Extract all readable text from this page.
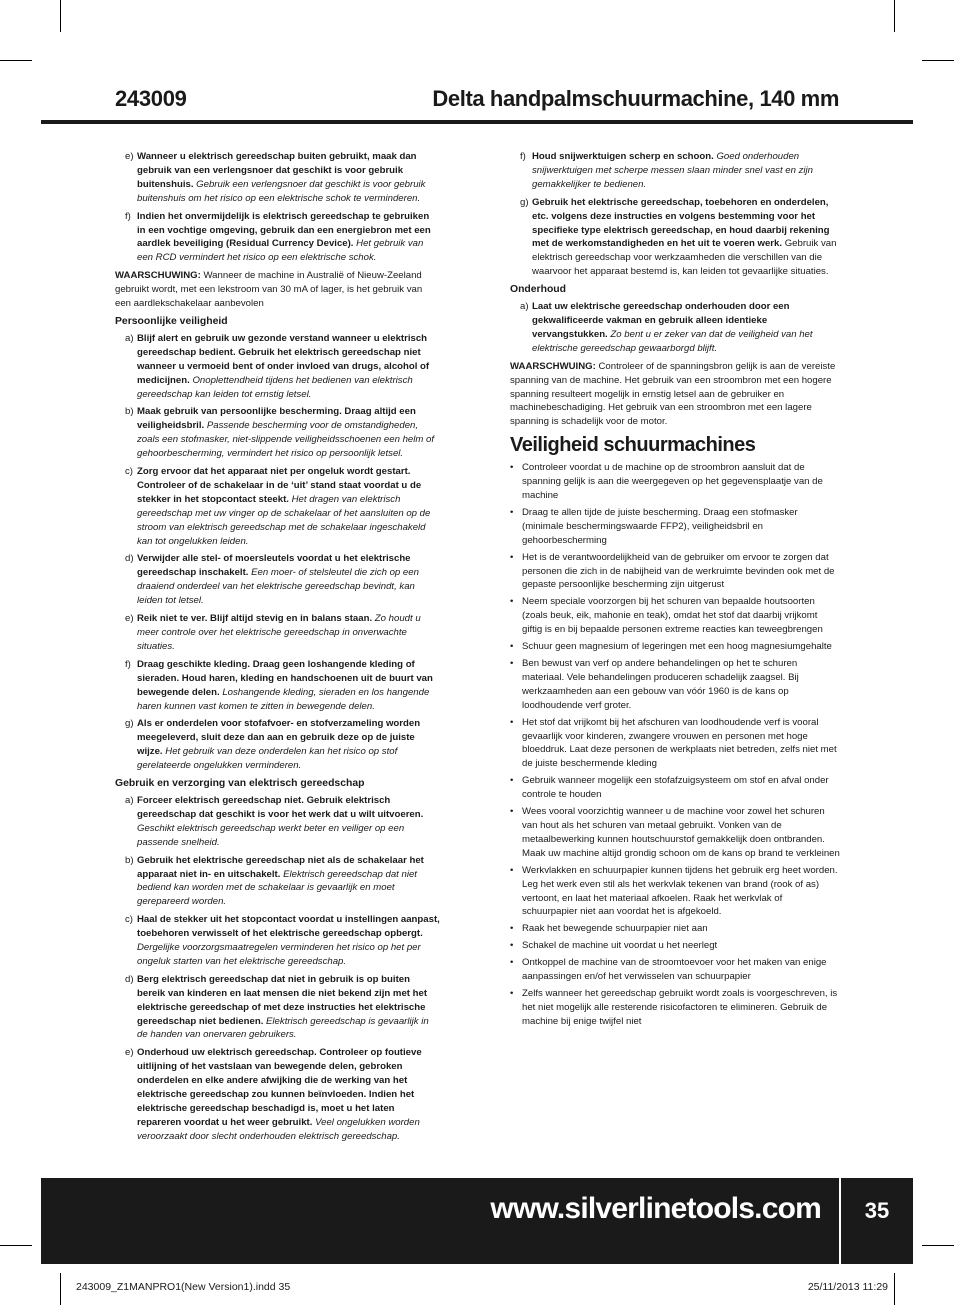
243009	Delta handpalmschuurmachine, 140 mm
e) Wanneer u elektrisch gereedschap buiten gebruikt, maak dan gebruik van een verlengsnoer dat geschikt is voor gebruik buitenshuis. Gebruik een verlengsnoer dat geschikt is voor gebruik buitenshuis om het risico op een elektrische schok te verminderen.
f) Indien het onvermijdelijk is elektrisch gereedschap te gebruiken in een vochtige omgeving, gebruik dan een energiebron met een aardlek beveiliging (Residual Currency Device). Het gebruik van een RCD vermindert het risico op een elektrische schok.

WAARSCHUWING: Wanneer de machine in Australië of Nieuw-Zeeland gebruikt wordt, met een lekstroom van 30 mA of lager, is het gebruik van een aardlekschakelaar aanbevolen

Persoonlijke veiligheid
a) Blijf alert en gebruik uw gezonde verstand wanneer u elektrisch gereedschap bedient. Gebruik het elektrisch gereedschap niet wanneer u vermoeid bent of onder invloed van drugs, alcohol of medicijnen. Onoplettendheid tijdens het bedienen van elektrisch gereedschap kan leiden tot ernstig letsel.
b) Maak gebruik van persoonlijke bescherming. Draag altijd een veiligheidsbril. Passende bescherming voor de omstandigheden, zoals een stofmasker, niet-slippende veiligheidsschoenen een helm of gehoorbescherming, vermindert het risico op persoonlijk letsel.
c) Zorg ervoor dat het apparaat niet per ongeluk wordt gestart. Controleer of de schakelaar in de ‘uit’ stand staat voordat u de stekker in het stopcontact steekt. Het dragen van elektrisch gereedschap met uw vinger op de schakelaar of het aansluiten op de stroom van elektrisch gereedschap met de schakelaar ingeschakeld kan tot ongelukken leiden.
d) Verwijder alle stel- of moersleutels voordat u het elektrische gereedschap inschakelt. Een moer- of stelsleutel die zich op een draaiend onderdeel van het elektrische gereedschap bevindt, kan leiden tot letsel.
e) Reik niet te ver. Blijf altijd stevig en in balans staan. Zo houdt u meer controle over het elektrische gereedschap in onverwachte situaties.
f) Draag geschikte kleding. Draag geen loshangende kleding of sieraden. Houd haren, kleding en handschoenen uit de buurt van bewegende delen. Loshangende kleding, sieraden en los hangende haren kunnen vast komen te zitten in bewegende delen.
g) Als er onderdelen voor stofafvoer- en stofverzameling worden meegeleverd, sluit deze dan aan en gebruik deze op de juiste wijze. Het gebruik van deze onderdelen kan het risico op stof gerelateerde ongelukken verminderen.
Gebruik en verzorging van elektrisch gereedschap
a) Forceer elektrisch gereedschap niet. Gebruik elektrisch gereedschap dat geschikt is voor het werk dat u wilt uitvoeren. Geschikt elektrisch gereedschap werkt beter en veiliger op een passende snelheid.
b) Gebruik het elektrische gereedschap niet als de schakelaar het apparaat niet in- en uitschakelt. Elektrisch gereedschap dat niet bediend kan worden met de schakelaar is gevaarlijk en moet gerepareerd worden.
c) Haal de stekker uit het stopcontact voordat u instellingen aanpast, toebehoren verwisselt of het elektrische gereedschap opbergt. Dergelijke voorzorgsmaatregelen verminderen het risico op het per ongeluk starten van het elektrische gereedschap.
d) Berg elektrisch gereedschap dat niet in gebruik is op buiten bereik van kinderen en laat mensen die niet bekend zijn met het elektrische gereedschap of met deze instructies het elektrische gereedschap niet bedienen. Elektrisch gereedschap is gevaarlijk in de handen van onervaren gebruikers.
e) Onderhoud uw elektrisch gereedschap. Controleer op foutieve uitlijning of het vastslaan van bewegende delen, gebroken onderdelen en elke andere afwijking die de werking van het elektrische gereedschap zou kunnen beïnvloeden. Indien het elektrische gereedschap beschadigd is, moet u het laten repareren voordat u het weer gebruikt. Veel ongelukken worden veroorzaakt door slecht onderhouden elektrisch gereedschap.
f) Houd snijwerktuigen scherp en schoon. Goed onderhouden snijwerktuigen met scherpe messen slaan minder snel vast en zijn gemakkelijker te bedienen.
g) Gebruik het elektrische gereedschap, toebehoren en onderdelen, etc. volgens deze instructies en volgens bestemming voor het specifieke type elektrisch gereedschap, en houd daarbij rekening met de werkomstandigheden en het uit te voeren werk. Gebruik van elektrisch gereedschap voor werkzaamheden die verschillen van die waarvoor het apparaat bestemd is, kan leiden tot gevaarlijke situaties.
Onderhoud
a) Laat uw elektrische gereedschap onderhouden door een gekwalificeerde vakman en gebruik alleen identieke vervangstukken. Zo bent u er zeker van dat de veiligheid van het elektrische gereedschap gewaarborgd blijft.

WAARSCHWUING: Controleer of de spanningsbron gelijk is aan de vereiste spanning van de machine. Het gebruik van een stroombron met een hogere spanning resulteert mogelijk in ernstig letsel aan de gebruiker en machinebeschadiging. Het gebruik van een stroombron met een lagere spanning is schadelijk voor de motor.

Veiligheid schuurmachines
• Controleer voordat u de machine op de stroombron aansluit dat de spanning gelijk is aan die weergegeven op het gegevensplaatje van de machine
• Draag te allen tijde de juiste bescherming. Draag een stofmasker (minimale beschermingswaarde FFP2), veiligheidsbril en gehoorbescherming
• Het is de verantwoordelijkheid van de gebruiker om ervoor te zorgen dat personen die zich in de nabijheid van de werkruimte bevinden ook met de gepaste persoonlijke bescherming zijn uitgerust
• Neem speciale voorzorgen bij het schuren van bepaalde houtsoorten (zoals beuk, eik, mahonie en teak), omdat het stof dat daarbij vrijkomt giftig is en bij bepaalde personen extreme reacties kan teweegbrengen
• Schuur geen magnesium of legeringen met een hoog magnesiumgehalte
• Ben bewust van verf op andere behandelingen op het te schuren materiaal. Vele behandelingen produceren schadelijk zaagsel. Bij werkzaamheden aan een gebouw van vóór 1960 is de kans op loodhoudende verf groter.
• Het stof dat vrijkomt bij het afschuren van loodhoudende verf is vooral gevaarlijk voor kinderen, zwangere vrouwen en personen met hoge bloeddruk. Laat deze personen de werkplaats niet betreden, zelfs niet met de juiste beschermende kleding
• Gebruik wanneer mogelijk een stofafzuigsysteem om stof en afval onder controle te houden
• Wees vooral voorzichtig wanneer u de machine voor zowel het schuren van hout als het schuren van metaal gebruikt. Vonken van de metaalbewerking kunnen houtschuurstof gemakkelijk doen ontbranden. Maak uw machine altijd grondig schoon om de kans op brand te verkleinen
• Werkvlakken en schuurpapier kunnen tijdens het gebruik erg heet worden. Leg het werk even stil als het werkvlak tekenen van brand (rook of as) vertoont, en laat het materiaal afkoelen. Raak het werkvlak of schuurpapier niet aan voordat het is afgekoeld.
• Raak het bewegende schuurpapier niet aan
• Schakel de machine uit voordat u het neerlegt
• Ontkoppel de machine van de stroomtoevoer voor het maken van enige aanpassingen en/of het verwisselen van schuurpapier
• Zelfs wanneer het gereedschap gebruikt wordt zoals is voorgeschreven, is het niet mogelijk alle resterende risicofactoren te elimineren. Gebruik de machine bij enige twijfel niet
www.silverlinetools.com	35
243009_Z1MANPRO1(New Version1).indd 35	25/11/2013 11:29
